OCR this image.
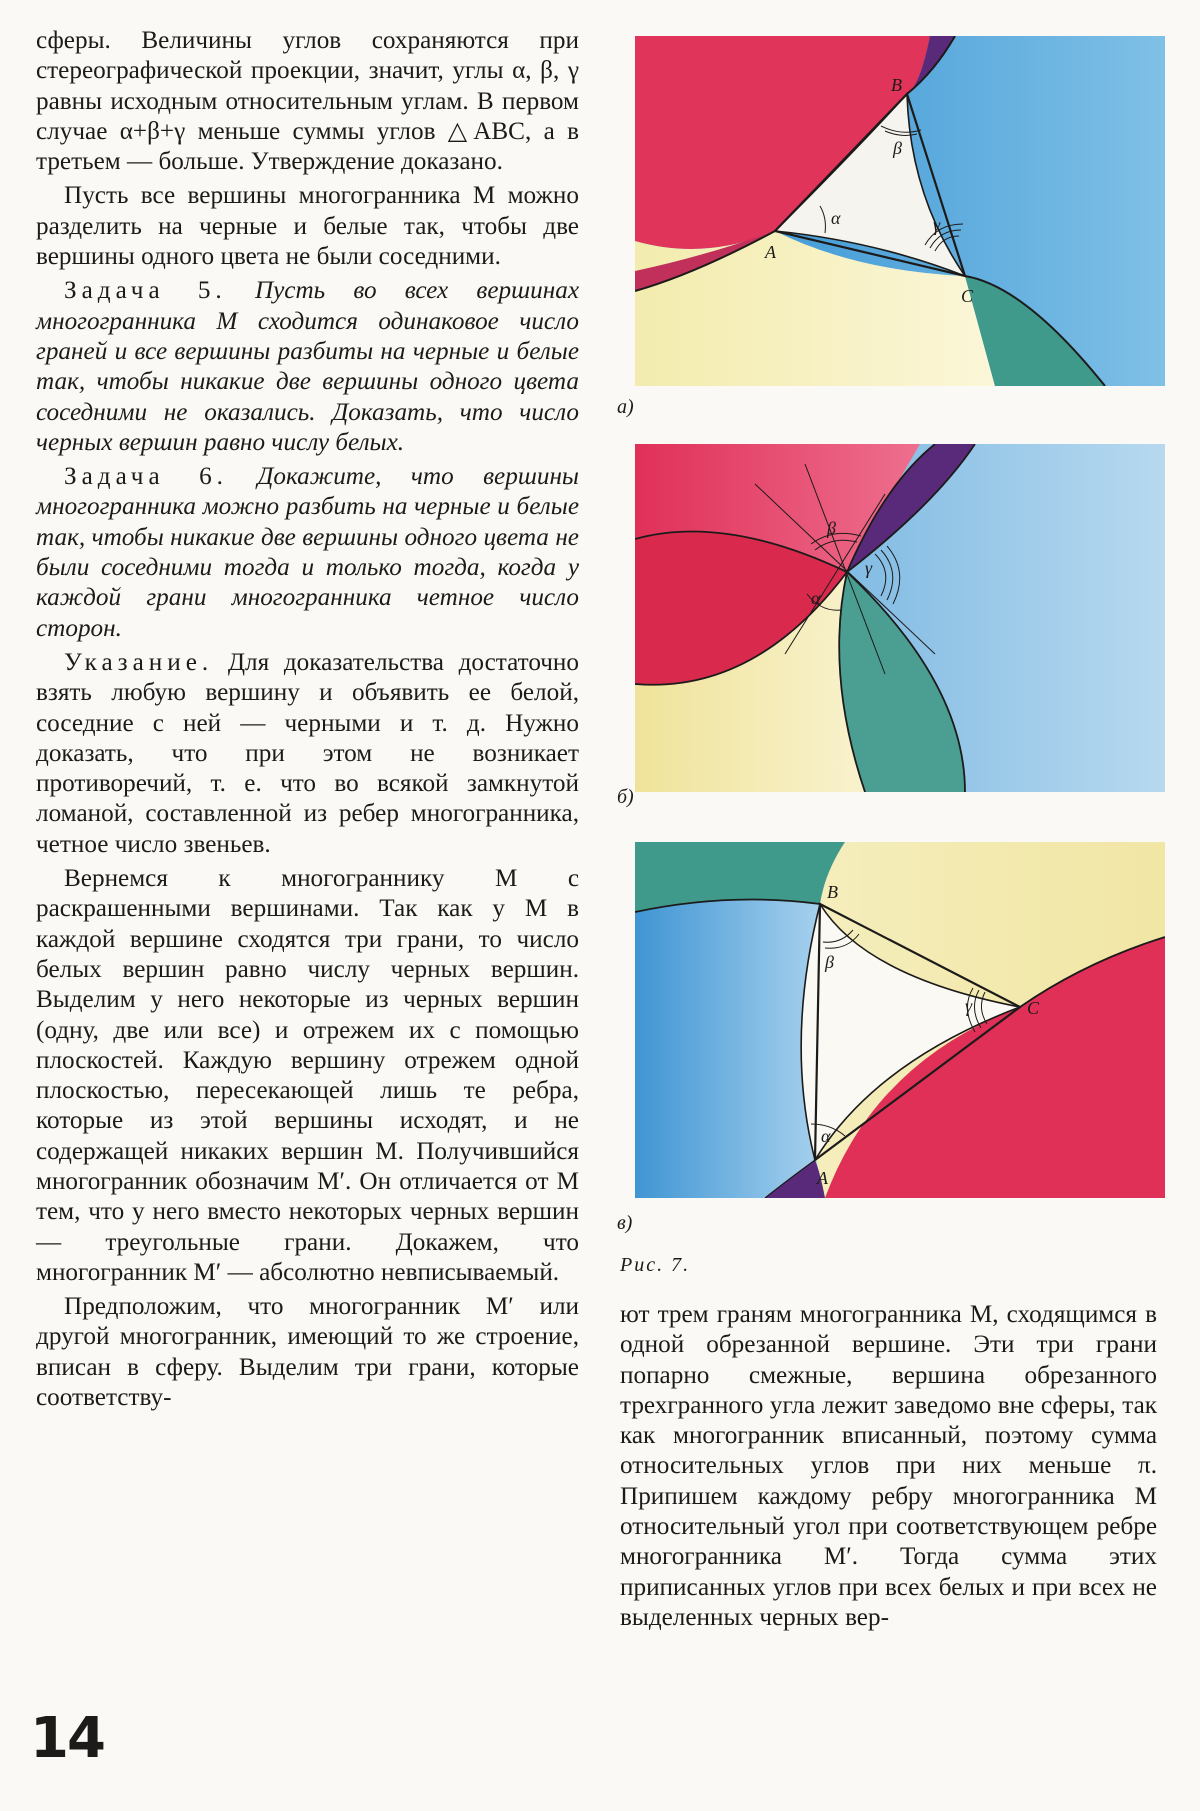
сферы. Величины углов сохраняются при стереографической проекции, значит, углы α, β, γ равны исходным относительным углам. В первом случае α+β+γ меньше суммы углов △ABC, а в третьем — больше. Утверждение доказано.

Пусть все вершины многогранника M можно разделить на черные и белые так, чтобы две вершины одного цвета не были соседними.

Задача 5. Пусть во всех вершинах многогранника M сходится одинаковое число граней и все вершины разбиты на черные и белые так, чтобы никакие две вершины одного цвета соседними не оказались. Доказать, что число черных вершин равно числу белых.

Задача 6. Докажите, что вершины многогранника можно разбить на черные и белые так, чтобы никакие две вершины одного цвета не были соседними тогда и только тогда, когда у каждой грани многогранника четное число сторон.

Указание. Для доказательства достаточно взять любую вершину и объявить ее белой, соседние с ней — черными и т. д. Нужно доказать, что при этом не возникает противоречий, т. е. что во всякой замкнутой ломаной, составленной из ребер многогранника, четное число звеньев.

Вернемся к многограннику M с раскрашенными вершинами. Так как у M в каждой вершине сходятся три грани, то число белых вершин равно числу черных вершин. Выделим у него некоторые из черных вершин (одну, две или все) и отрежем их с помощью плоскостей. Каждую вершину отрежем одной плоскостью, пересекающей лишь те ребра, которые из этой вершины исходят, и не содержащей никаких вершин M. Получившийся многогранник обозначим M′. Он отличается от M тем, что у него вместо некоторых черных вершин — треугольные грани. Докажем, что многогранник M′ — абсолютно невписываемый.

Предположим, что многогранник M′ или другой многогранник, имеющий то же строение, вписан в сферу. Выделим три грани, которые соответству-

A
B
C
α
β
γ
а)
β
γ
α
б)
B
C
A
β
γ
α
в)
Рис. 7.

ют трем граням многогранника M, сходящимся в одной обрезанной вершине. Эти три грани попарно смежные, вершина обрезанного трехгранного угла лежит заведомо вне сферы, так как многогранник вписанный, поэтому сумма относительных углов при них меньше π. Припишем каждому ребру многогранника M относительный угол при соответствующем ребре многогранника M′. Тогда сумма этих приписанных углов при всех белых и при всех не выделенных черных вер-

14
